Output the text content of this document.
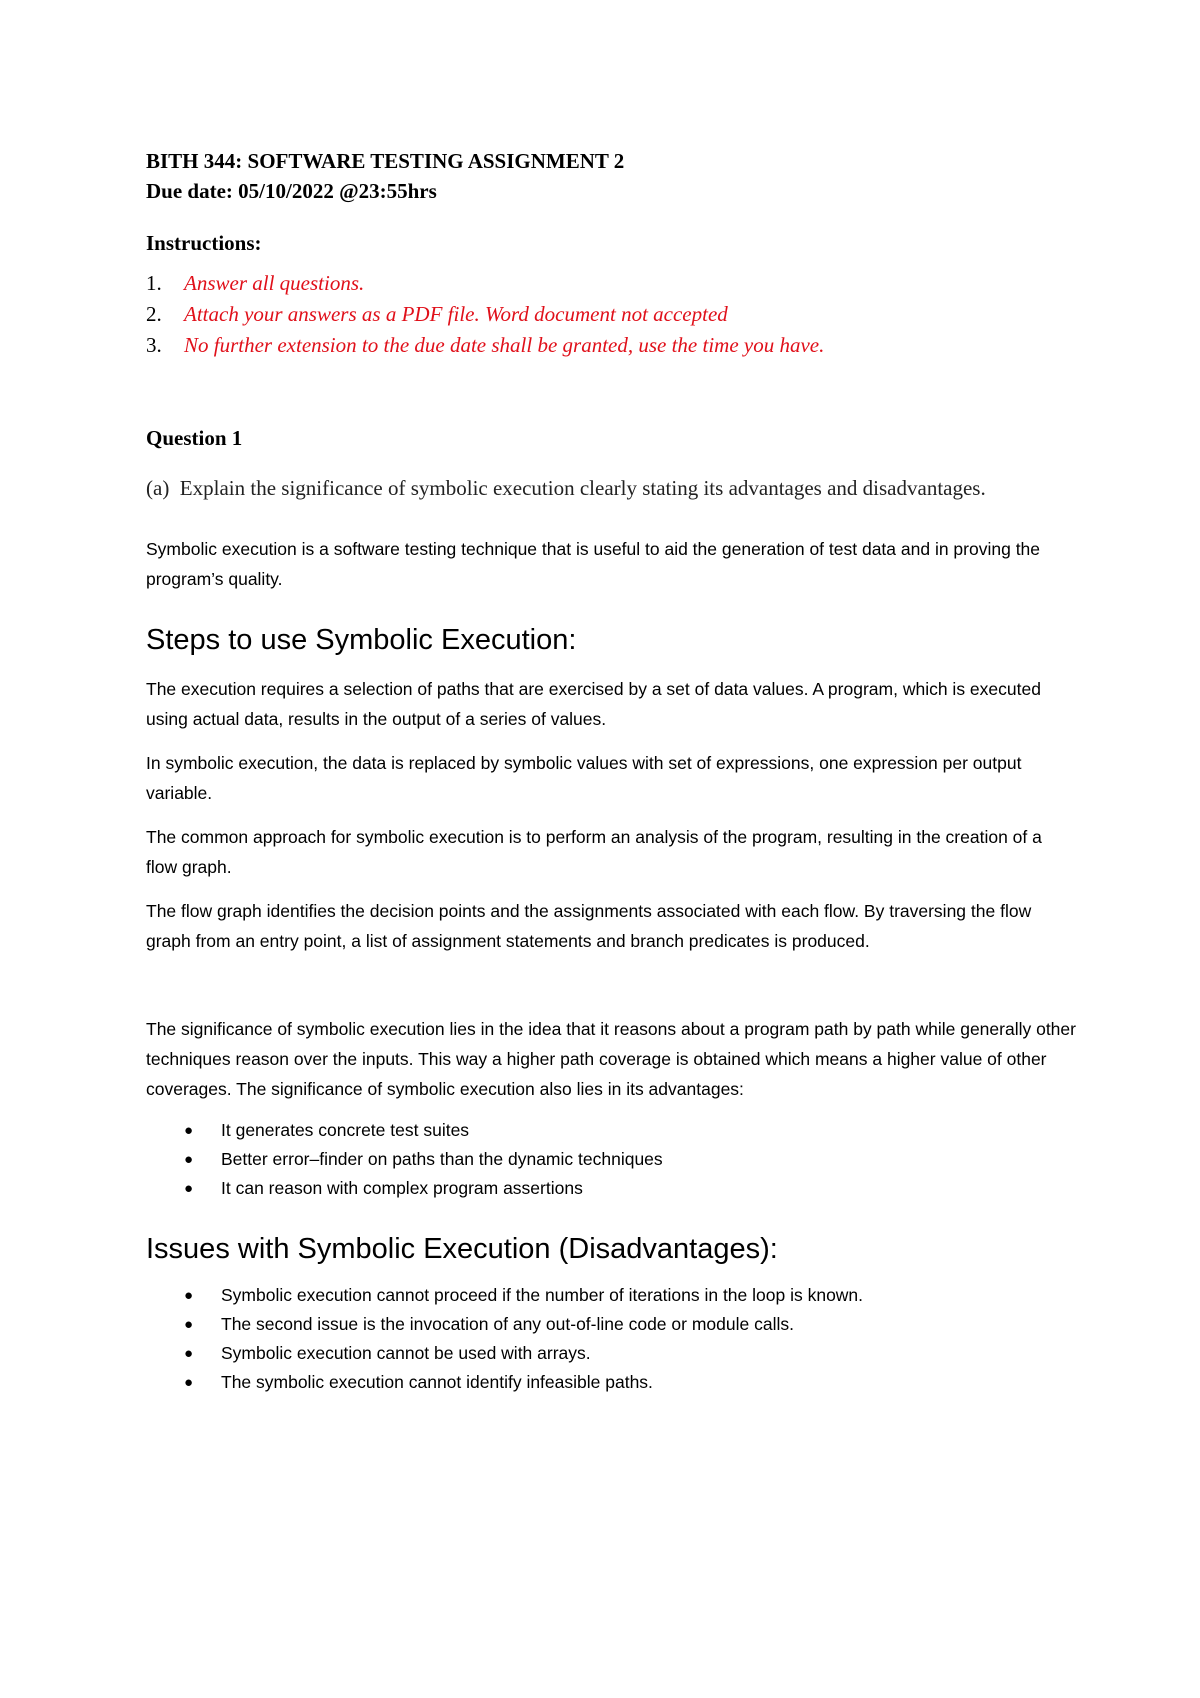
BITH 344: SOFTWARE TESTING ASSIGNMENT 2

Due date: 05/10/2022 @23:55hrs

Instructions:

1.	Answer all questions.
2.	Attach your answers as a PDF file. Word document not accepted
3.	No further extension to the due date shall be granted, use the time you have.

Question 1

(a)  Explain the significance of symbolic execution clearly stating its advantages and disadvantages.

Symbolic execution is a software testing technique that is useful to aid the generation of test data and in proving the program’s quality.

Steps to use Symbolic Execution:

The execution requires a selection of paths that are exercised by a set of data values. A program, which is executed using actual data, results in the output of a series of values.

In symbolic execution, the data is replaced by symbolic values with set of expressions, one expression per output variable.

The common approach for symbolic execution is to perform an analysis of the program, resulting in the creation of a flow graph.

The flow graph identifies the decision points and the assignments associated with each flow. By traversing the flow graph from an entry point, a list of assignment statements and branch predicates is produced.

The significance of symbolic execution lies in the idea that it reasons about a program path by path while generally other techniques reason over the inputs. This way a higher path coverage is obtained which means a higher value of other coverages. The significance of symbolic execution also lies in its advantages:

● It generates concrete test suites
● Better error–finder on paths than the dynamic techniques
● It can reason with complex program assertions
Issues with Symbolic Execution (Disadvantages):
● Symbolic execution cannot proceed if the number of iterations in the loop is known.
● The second issue is the invocation of any out-of-line code or module calls.
● Symbolic execution cannot be used with arrays.
● The symbolic execution cannot identify infeasible paths.
